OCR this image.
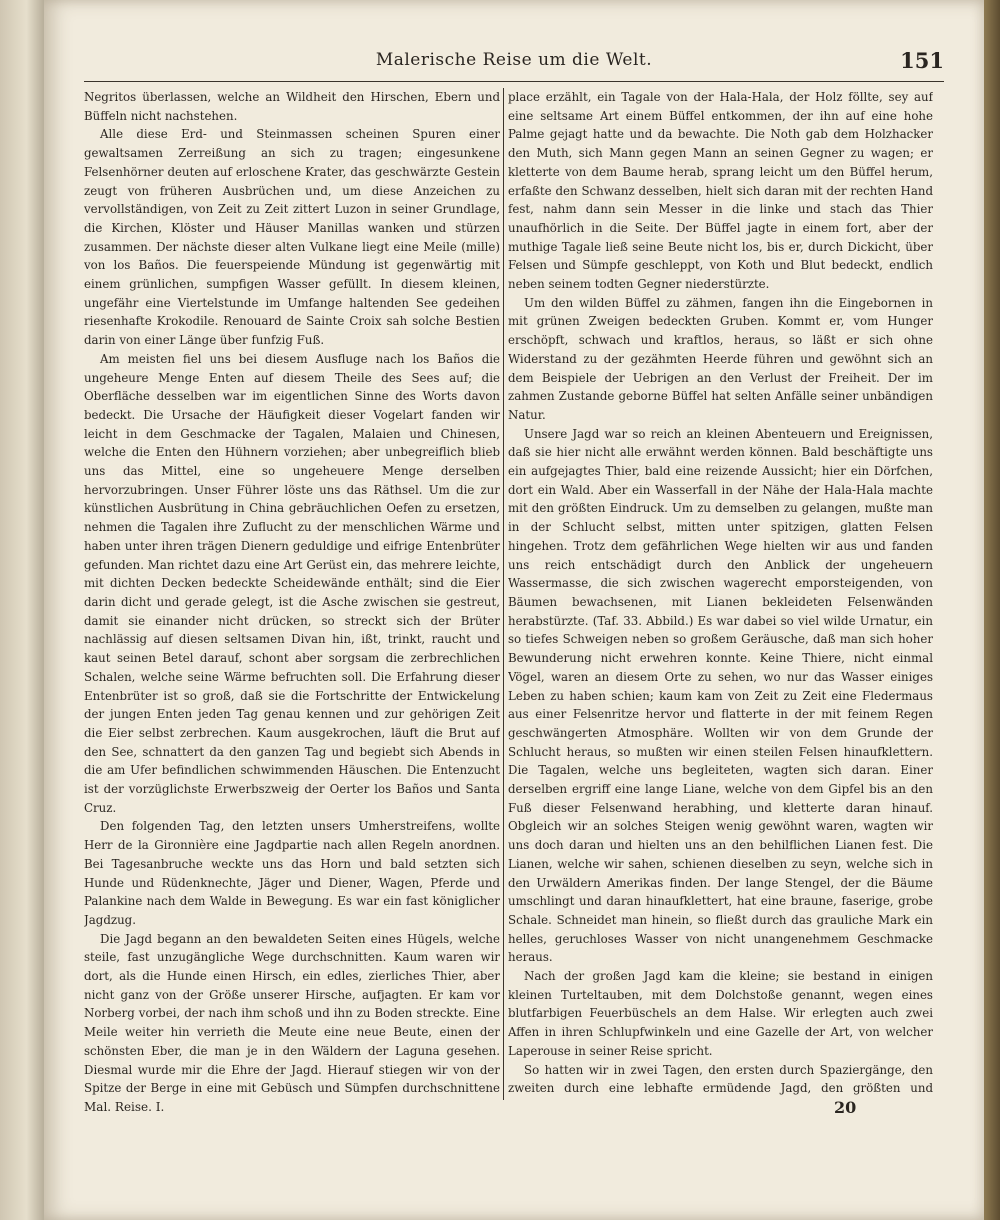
Malerische Reise um die Welt.	151

Negritos überlassen, welche an Wildheit den Hirschen, Ebern und Büffeln nicht nachstehen.

Alle diese Erd- und Steinmassen scheinen Spuren einer gewaltsamen Zerreißung an sich zu tragen; eingesunkene Felsenhörner deuten auf erloschene Krater, das geschwärzte Gestein zeugt von früheren Ausbrüchen und, um diese Anzeichen zu vervollständigen, von Zeit zu Zeit zittert Luzon in seiner Grundlage, die Kirchen, Klöster und Häuser Manillas wanken und stürzen zusammen. Der nächste dieser alten Vulkane liegt eine Meile (mille) von los Baños. Die feuerspeiende Mündung ist gegenwärtig mit einem grünlichen, sumpfigen Wasser gefüllt. In diesem kleinen, ungefähr eine Viertelstunde im Umfange haltenden See gedeihen riesenhafte Krokodile. Renouard de Sainte Croix sah solche Bestien darin von einer Länge über funfzig Fuß.

Am meisten fiel uns bei diesem Ausfluge nach los Baños die ungeheure Menge Enten auf diesem Theile des Sees auf; die Oberfläche desselben war im eigentlichen Sinne des Worts davon bedeckt. Die Ursache der Häufigkeit dieser Vogelart fanden wir leicht in dem Geschmacke der Tagalen, Malaien und Chinesen, welche die Enten den Hühnern vorziehen; aber unbegreiflich blieb uns das Mittel, eine so ungeheuere Menge derselben hervorzubringen. Unser Führer löste uns das Räthsel. Um die zur künstlichen Ausbrütung in China gebräuchlichen Oefen zu ersetzen, nehmen die Tagalen ihre Zuflucht zu der menschlichen Wärme und haben unter ihren trägen Dienern geduldige und eifrige Entenbrüter gefunden. Man richtet dazu eine Art Gerüst ein, das mehrere leichte, mit dichten Decken bedeckte Scheidewände enthält; sind die Eier darin dicht und gerade gelegt, ist die Asche zwischen sie gestreut, damit sie einander nicht drücken, so streckt sich der Brüter nachlässig auf diesen seltsamen Divan hin, ißt, trinkt, raucht und kaut seinen Betel darauf, schont aber sorgsam die zerbrechlichen Schalen, welche seine Wärme befruchten soll. Die Erfahrung dieser Entenbrüter ist so groß, daß sie die Fortschritte der Entwickelung der jungen Enten jeden Tag genau kennen und zur gehörigen Zeit die Eier selbst zerbrechen. Kaum ausgekrochen, läuft die Brut auf den See, schnattert da den ganzen Tag und begiebt sich Abends in die am Ufer befindlichen schwimmenden Häuschen. Die Entenzucht ist der vorzüglichste Erwerbszweig der Oerter los Baños und Santa Cruz.

Den folgenden Tag, den letzten unsers Umherstreifens, wollte Herr de la Gironnière eine Jagdpartie nach allen Regeln anordnen. Bei Tagesanbruche weckte uns das Horn und bald setzten sich Hunde und Rüdenknechte, Jäger und Diener, Wagen, Pferde und Palankine nach dem Walde in Bewegung. Es war ein fast königlicher Jagdzug.

Die Jagd begann an den bewaldeten Seiten eines Hügels, welche steile, fast unzugängliche Wege durchschnitten. Kaum waren wir dort, als die Hunde einen Hirsch, ein edles, zierliches Thier, aber nicht ganz von der Größe unserer Hirsche, aufjagten. Er kam vor Norberg vorbei, der nach ihm schoß und ihn zu Boden streckte. Eine Meile weiter hin verrieth die Meute eine neue Beute, einen der schönsten Eber, die man je in den Wäldern der Laguna gesehen. Diesmal wurde mir die Ehre der Jagd. Hierauf stiegen wir von der Spitze der Berge in eine mit Gebüsch und Sümpfen durchschnittene

place erzählt, ein Tagale von der Hala-Hala, der Holz föllte, sey auf eine seltsame Art einem Büffel entkommen, der ihn auf eine hohe Palme gejagt hatte und da bewachte. Die Noth gab dem Holzhacker den Muth, sich Mann gegen Mann an seinen Gegner zu wagen; er kletterte von dem Baume herab, sprang leicht um den Büffel herum, erfaßte den Schwanz desselben, hielt sich daran mit der rechten Hand fest, nahm dann sein Messer in die linke und stach das Thier unaufhörlich in die Seite. Der Büffel jagte in einem fort, aber der muthige Tagale ließ seine Beute nicht los, bis er, durch Dickicht, über Felsen und Sümpfe geschleppt, von Koth und Blut bedeckt, endlich neben seinem todten Gegner niederstürzte.

Um den wilden Büffel zu zähmen, fangen ihn die Eingebornen in mit grünen Zweigen bedeckten Gruben. Kommt er, vom Hunger erschöpft, schwach und kraftlos, heraus, so läßt er sich ohne Widerstand zu der gezähmten Heerde führen und gewöhnt sich an dem Beispiele der Uebrigen an den Verlust der Freiheit. Der im zahmen Zustande geborne Büffel hat selten Anfälle seiner unbändigen Natur.

Unsere Jagd war so reich an kleinen Abenteuern und Ereignissen, daß sie hier nicht alle erwähnt werden können. Bald beschäftigte uns ein aufgejagtes Thier, bald eine reizende Aussicht; hier ein Dörfchen, dort ein Wald. Aber ein Wasserfall in der Nähe der Hala-Hala machte mit den größten Eindruck. Um zu demselben zu gelangen, mußte man in der Schlucht selbst, mitten unter spitzigen, glatten Felsen hingehen. Trotz dem gefährlichen Wege hielten wir aus und fanden uns reich entschädigt durch den Anblick der ungeheuern Wassermasse, die sich zwischen wagerecht emporsteigenden, von Bäumen bewachsenen, mit Lianen bekleideten Felsenwänden herabstürzte. (Taf. 33. Abbild.) Es war dabei so viel wilde Urnatur, ein so tiefes Schweigen neben so großem Geräusche, daß man sich hoher Bewunderung nicht erwehren konnte. Keine Thiere, nicht einmal Vögel, waren an diesem Orte zu sehen, wo nur das Wasser einiges Leben zu haben schien; kaum kam von Zeit zu Zeit eine Fledermaus aus einer Felsenritze hervor und flatterte in der mit feinem Regen geschwängerten Atmosphäre. Wollten wir von dem Grunde der Schlucht heraus, so mußten wir einen steilen Felsen hinaufklettern. Die Tagalen, welche uns begleiteten, wagten sich daran. Einer derselben ergriff eine lange Liane, welche von dem Gipfel bis an den Fuß dieser Felsenwand herabhing, und kletterte daran hinauf. Obgleich wir an solches Steigen wenig gewöhnt waren, wagten wir uns doch daran und hielten uns an den behilflichen Lianen fest. Die Lianen, welche wir sahen, schienen dieselben zu seyn, welche sich in den Urwäldern Amerikas finden. Der lange Stengel, der die Bäume umschlingt und daran hinaufklettert, hat eine braune, faserige, grobe Schale. Schneidet man hinein, so fließt durch das grauliche Mark ein helles, geruchloses Wasser von nicht unangenehmem Geschmacke heraus.

Nach der großen Jagd kam die kleine; sie bestand in einigen kleinen Turteltauben, mit dem Dolchstoße genannt, wegen eines blutfarbigen Feuerbüschels an dem Halse. Wir erlegten auch zwei Affen in ihren Schlupfwinkeln und eine Gazelle der Art, von welcher Laperouse in seiner Reise spricht.

So hatten wir in zwei Tagen, den ersten durch Spaziergänge, den zweiten durch eine lebhafte ermüdende Jagd, den größten und

Mal. Reise. I.	20
